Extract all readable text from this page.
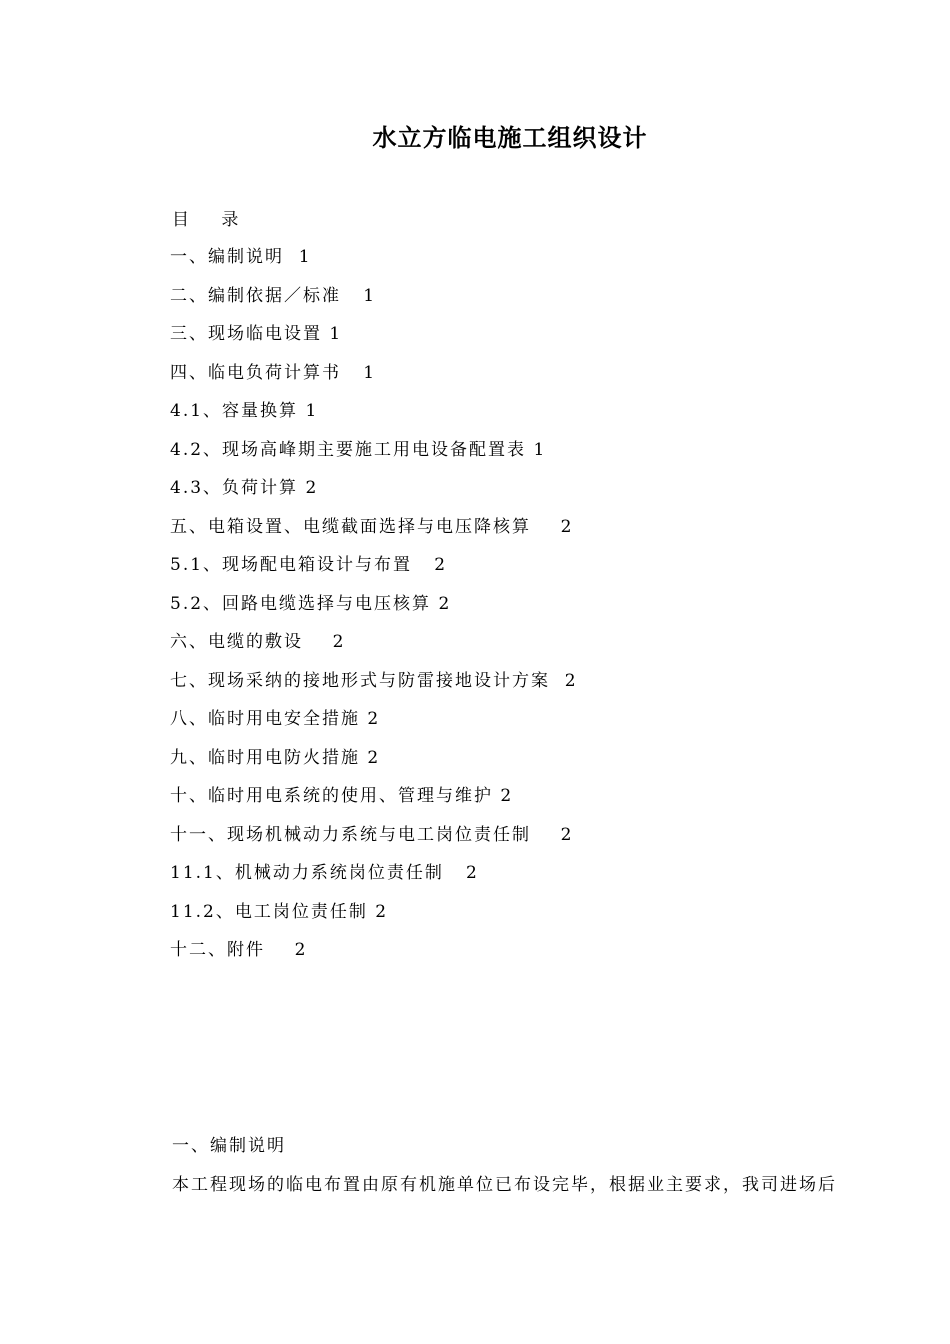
水立方临电施工组织设计
目      录
一、编制说明  1
二、编制依据／标准   1
三、现场临电设置 1
四、临电负荷计算书   1
4.1、容量换算 1
4.2、现场高峰期主要施工用电设备配置表 1
4.3、负荷计算 2
五、电箱设置、电缆截面选择与电压降核算    2
5.1、现场配电箱设计与布置   2
5.2、回路电缆选择与电压核算 2
六、电缆的敷设    2
七、现场采纳的接地形式与防雷接地设计方案  2
八、临时用电安全措施 2
九、临时用电防火措施 2
十、临时用电系统的使用、管理与维护 2
十一、现场机械动力系统与电工岗位责任制    2
11.1、机械动力系统岗位责任制   2
11.2、电工岗位责任制 2
十二、附件    2
一、编制说明
本工程现场的临电布置由原有机施单位已布设完毕，根据业主要求，我司进场后
